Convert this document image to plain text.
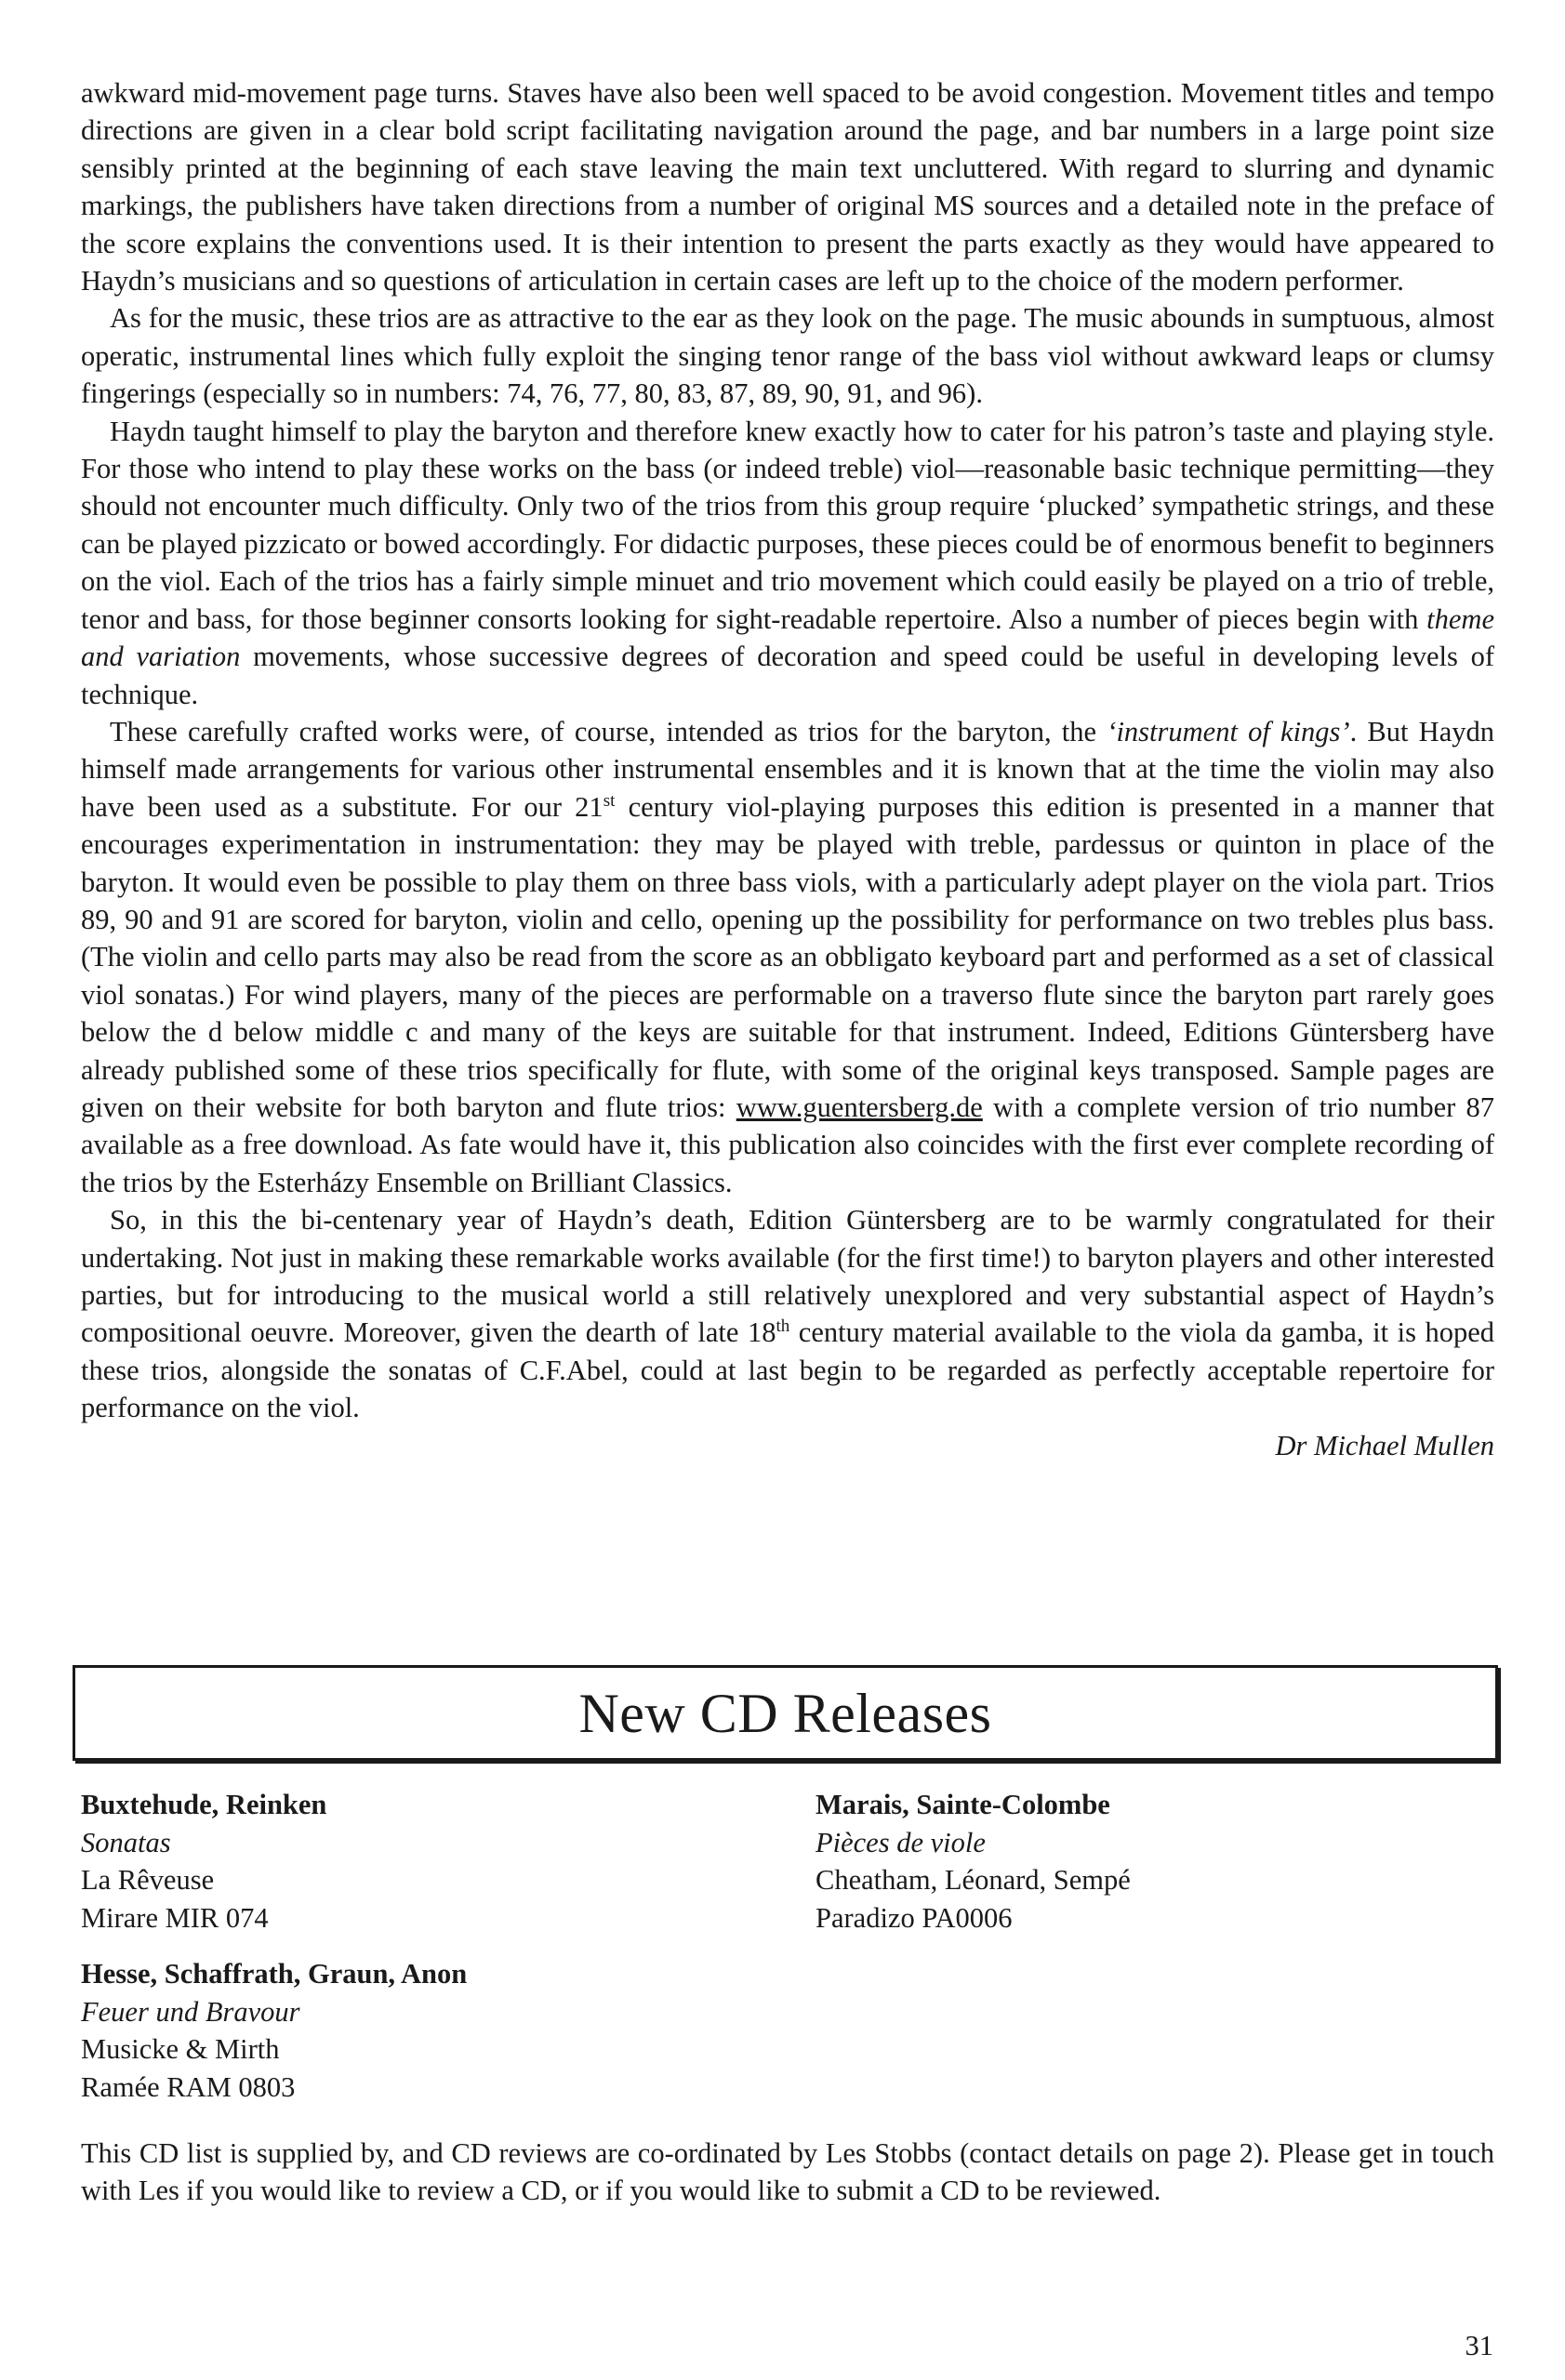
awkward mid-movement page turns. Staves have also been well spaced to be avoid congestion. Movement titles and tempo directions are given in a clear bold script facilitating navigation around the page, and bar numbers in a large point size sensibly printed at the beginning of each stave leaving the main text uncluttered. With regard to slurring and dynamic markings, the publishers have taken directions from a number of original MS sources and a detailed note in the preface of the score explains the conventions used. It is their intention to present the parts exactly as they would have appeared to Haydn’s musicians and so questions of articulation in certain cases are left up to the choice of the modern performer.

As for the music, these trios are as attractive to the ear as they look on the page. The music abounds in sumptuous, almost operatic, instrumental lines which fully exploit the singing tenor range of the bass viol without awkward leaps or clumsy fingerings (especially so in numbers: 74, 76, 77, 80, 83, 87, 89, 90, 91, and 96).

Haydn taught himself to play the baryton and therefore knew exactly how to cater for his patron’s taste and playing style. For those who intend to play these works on the bass (or indeed treble) viol—reasonable basic technique permitting—they should not encounter much difficulty. Only two of the trios from this group require ‘plucked’ sympathetic strings, and these can be played pizzicato or bowed accordingly. For didactic purposes, these pieces could be of enormous benefit to beginners on the viol. Each of the trios has a fairly simple minuet and trio movement which could easily be played on a trio of treble, tenor and bass, for those beginner consorts looking for sight-readable repertoire. Also a number of pieces begin with theme and variation movements, whose successive degrees of decoration and speed could be useful in developing levels of technique.

These carefully crafted works were, of course, intended as trios for the baryton, the ‘instrument of kings’. But Haydn himself made arrangements for various other instrumental ensembles and it is known that at the time the violin may also have been used as a substitute. For our 21st century viol-playing purposes this edition is presented in a manner that encourages experimentation in instrumentation: they may be played with treble, pardessus or quinton in place of the baryton. It would even be possible to play them on three bass viols, with a particularly adept player on the viola part. Trios 89, 90 and 91 are scored for baryton, violin and cello, opening up the possibility for performance on two trebles plus bass. (The violin and cello parts may also be read from the score as an obbligato keyboard part and performed as a set of classical viol sonatas.) For wind players, many of the pieces are performable on a traverso flute since the baryton part rarely goes below the d below middle c and many of the keys are suitable for that instrument. Indeed, Editions Güntersberg have already published some of these trios specifically for flute, with some of the original keys transposed. Sample pages are given on their website for both baryton and flute trios: www.guentersberg.de with a complete version of trio number 87 available as a free download. As fate would have it, this publication also coincides with the first ever complete recording of the trios by the Esterházy Ensemble on Brilliant Classics.

So, in this the bi-centenary year of Haydn’s death, Edition Güntersberg are to be warmly congratulated for their undertaking. Not just in making these remarkable works available (for the first time!) to baryton players and other interested parties, but for introducing to the musical world a still relatively unexplored and very substantial aspect of Haydn’s compositional oeuvre. Moreover, given the dearth of late 18th century material available to the viola da gamba, it is hoped these trios, alongside the sonatas of C.F.Abel, could at last begin to be regarded as perfectly acceptable repertoire for performance on the viol.

Dr Michael Mullen

New CD Releases
Buxtehude, Reinken
Sonatas
La Rêveuse
Mirare MIR 074
Hesse, Schaffrath, Graun, Anon
Feuer und Bravour
Musicke & Mirth
Ramée RAM 0803
Marais, Sainte-Colombe
Pièces de viole
Cheatham, Léonard, Sempé
Paradizo PA0006

This CD list is supplied by, and CD reviews are co-ordinated by Les Stobbs (contact details on page 2). Please get in touch with Les if you would like to review a CD, or if you would like to submit a CD to be reviewed.

31
